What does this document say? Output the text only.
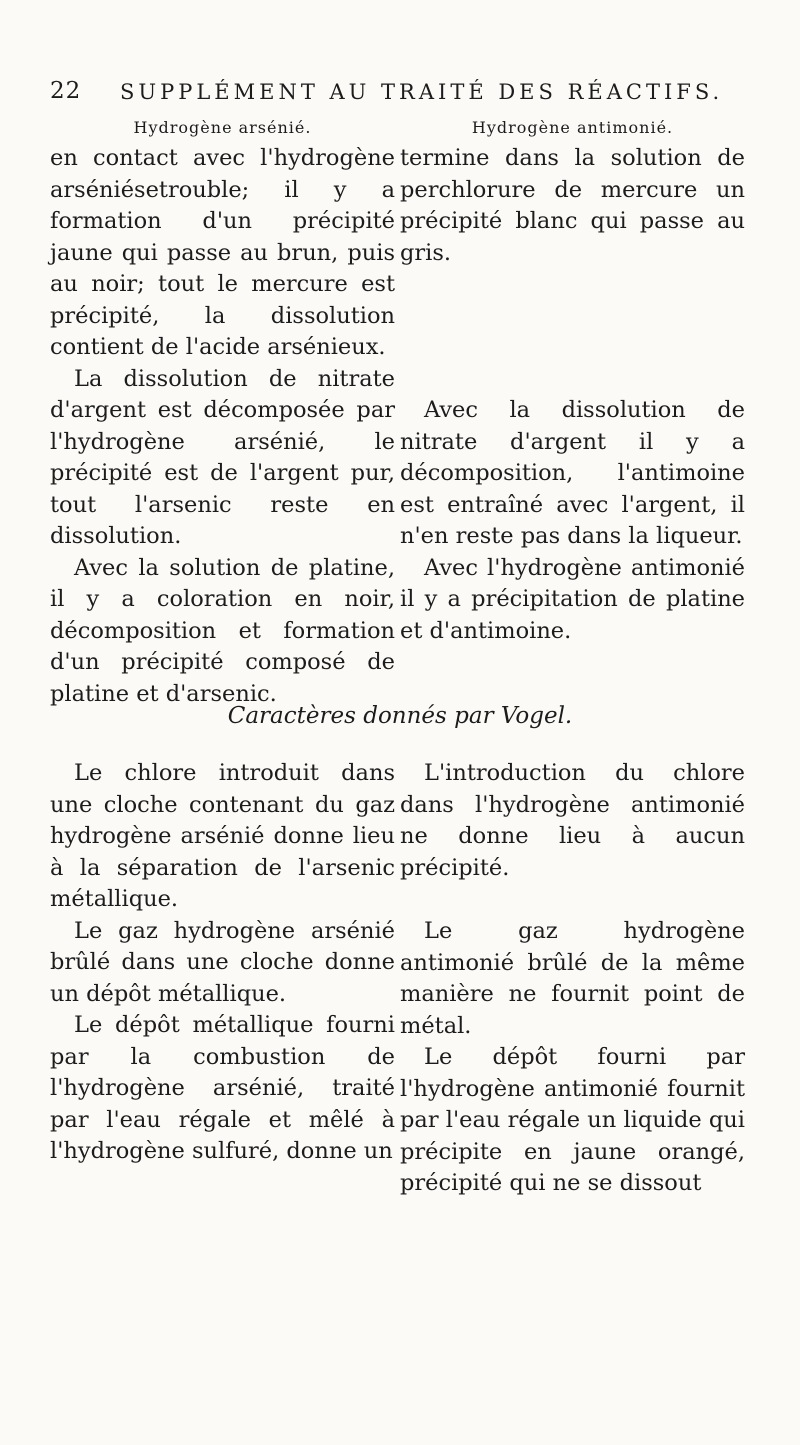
22 SUPPLÉMENT AU TRAITÉ DES RÉACTIFS.
Hydrogène arsénié.

en contact avec l'hydrogène arséniésetrouble; il y a formation d'un précipité jaune qui passe au brun, puis au noir; tout le mercure est précipité, la dissolution contient de l'acide arsénieux.

La dissolution de nitrate d'argent est décomposée par l'hydrogène arsénié, le précipité est de l'argent pur, tout l'arsenic reste en dissolution.

Avec la solution de platine, il y a coloration en noir, décomposition et formation d'un précipité composé de platine et d'arsenic.

Hydrogène antimonié.

termine dans la solution de perchlorure de mercure un précipité blanc qui passe au gris.

Avec la dissolution de nitrate d'argent il y a décomposition, l'antimoine est entraîné avec l'argent, il n'en reste pas dans la liqueur.

Avec l'hydrogène antimonié il y a précipitation de platine et d'antimoine.

Caractères donnés par Vogel.

Le chlore introduit dans une cloche contenant du gaz hydrogène arsénié donne lieu à la séparation de l'arsenic métallique.

Le gaz hydrogène arsénié brûlé dans une cloche donne un dépôt métallique.

Le dépôt métallique fourni par la combustion de l'hydrogène arsénié, traité par l'eau régale et mêlé à l'hydrogène sulfuré, donne un

L'introduction du chlore dans l'hydrogène antimonié ne donne lieu à aucun précipité.

Le gaz hydrogène antimonié brûlé de la même manière ne fournit point de métal.

Le dépôt fourni par l'hydrogène antimonié fournit par l'eau régale un liquide qui précipite en jaune orangé, précipité qui ne se dissout
